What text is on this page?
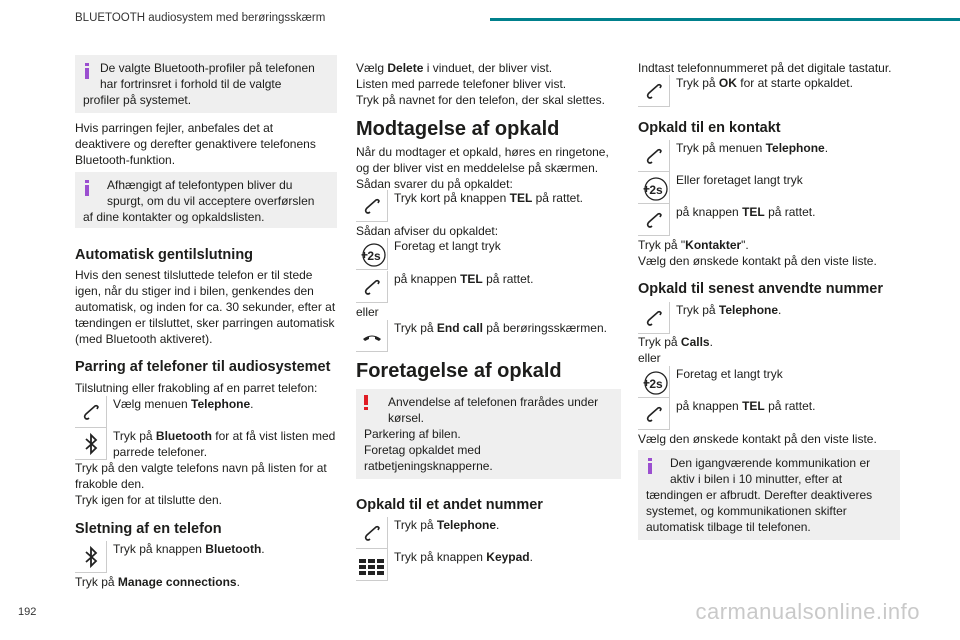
BLUETOOTH audiosystem med berøringsskærm

De valgte Bluetooth-profiler på telefonen

har fortrinsret i forhold til de valgte

profiler på systemet.

Hvis parringen fejler, anbefales det at

deaktivere og derefter genaktivere telefonens

Bluetooth-funktion.

Afhængigt af telefontypen bliver du

spurgt, om du vil acceptere overførslen

af dine kontakter og opkaldslisten.

Automatisk gentilslutning

Hvis den senest tilsluttede telefon er til stede

igen, når du stiger ind i bilen, genkendes den

automatisk, og inden for ca. 30 sekunder, efter at

tændingen er tilsluttet, sker parringen automatisk

(med Bluetooth aktiveret).

Parring af telefoner til audiosystemet
Tilslutning eller frakobling af en parret telefon:
Vælg menuen Telephone.
Tryk på Bluetooth for at få vist listen med
parrede telefoner.

Tryk på den valgte telefons navn på listen for at

frakoble den.

Tryk igen for at tilslutte den.

Sletning af en telefon
Tryk på knappen Bluetooth.
Tryk på Manage connections.

Vælg Delete i vinduet, der bliver vist.

Listen med parrede telefoner bliver vist.

Tryk på navnet for den telefon, der skal slettes.

Modtagelse af opkald

Når du modtager et opkald, høres en ringetone,

og der bliver vist en meddelelse på skærmen.

Sådan svarer du på opkaldet:

Tryk kort på knappen TEL på rattet.
Sådan afviser du opkaldet:
2s
+
Foretag et langt tryk
på knappen TEL på rattet.
eller
Tryk på End call på berøringsskærmen.
Foretagelse af opkald

Anvendelse af telefonen frarådes under

kørsel.

Parkering af bilen.

Foretag opkaldet med

ratbetjeningsknapperne.

Opkald til et andet nummer
Tryk på Telephone.
Tryk på knappen Keypad.
Indtast telefonnummeret på det digitale tastatur.
Tryk på OK for at starte opkaldet.
Opkald til en kontakt
Tryk på menuen Telephone.
2s
+
Eller foretaget langt tryk
på knappen TEL på rattet.

Tryk på "Kontakter".

Vælg den ønskede kontakt på den viste liste.

Opkald til senest anvendte nummer
Tryk på Telephone.

Tryk på Calls.

eller

2s
+
Foretag et langt tryk
på knappen TEL på rattet.
Vælg den ønskede kontakt på den viste liste.

Den igangværende kommunikation er

aktiv i bilen i 10 minutter, efter at

tændingen er afbrudt. Derefter deaktiveres

systemet, og kommunikationen skifter

automatisk tilbage til telefonen.

192	carmanualsonline.info
